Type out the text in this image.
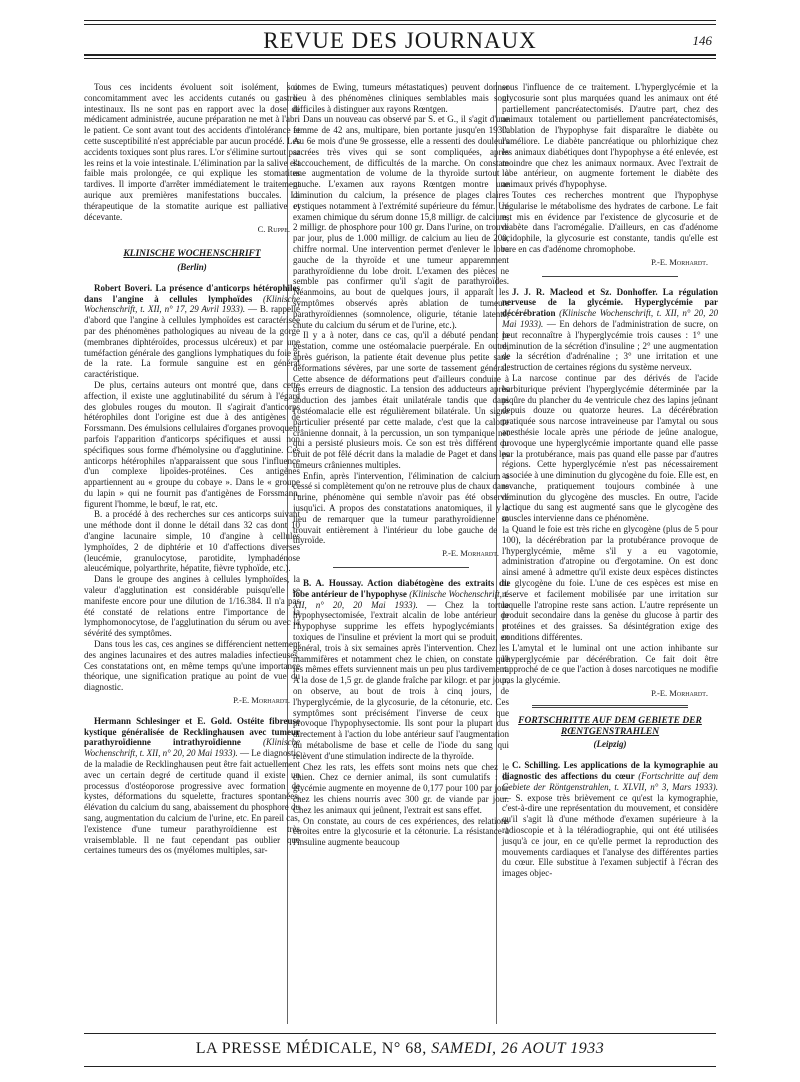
REVUE DES JOURNAUX	146

Tous ces incidents évoluent soit isolément, soit concomitamment avec les accidents cutanés ou gastro-intestinaux. Ils ne sont pas en rapport avec la dose de médicament administrée, aucune préparation ne met à l'abri le patient. Ce sont avant tout des accidents d'intolérance et cette susceptibilité n'est appréciable par aucun procédé. Les accidents toxiques sont plus rares. L'or s'élimine surtout par les reins et la voie intestinale. L'élimination par la salive est faible mais prolongée, ce qui explique les stomatites tardives. Il importe d'arrêter immédiatement le traitement aurique aux premières manifestations buccales. La thérapeutique de la stomatite aurique est palliative et décevante.

C. Ruppe.
KLINISCHE WOCHENSCHRIFT
(Berlin)

Robert Boveri. La présence d'anticorps hétérophiles dans l'angine à cellules lymphoïdes (Klinische Wochenschrift, t. XII, n° 17, 29 Avril 1933). — B. rappelle d'abord que l'angine à cellules lymphoïdes est caractérisée par des phénomènes pathologiques au niveau de la gorge (membranes diphtéroïdes, processus ulcéreux) et par une tuméfaction générale des ganglions lymphatiques du foie et de la rate. La formule sanguine est en général caractéristique.

De plus, certains auteurs ont montré que, dans cette affection, il existe une agglutinabilité du sérum à l'égard des globules rouges du mouton. Il s'agirait d'anticorps hétérophiles dont l'origine est due à des antigènes de Forssmann. Des émulsions cellulaires d'organes provoquent parfois l'apparition d'anticorps spécifiques et aussi non spécifiques sous forme d'hémolysine ou d'agglutinine. Ces anticorps hétérophiles n'apparaissent que sous l'influence d'un complexe lipoïdes-protéines. Ces antigènes appartiennent au « groupe du cobaye ». Dans le « groupe du lapin » qui ne fournit pas d'antigènes de Forssmann, figurent l'homme, le bœuf, le rat, etc.

B. a procédé à des recherches sur ces anticorps suivant une méthode dont il donne le détail dans 32 cas dont 10 d'angine lacunaire simple, 10 d'angine à cellules lymphoïdes, 2 de diphtérie et 10 d'affections diverses (leucémie, granulocytose, parotidite, lymphadénose aleucémique, polyarthrite, hépatite, fièvre typhoïde, etc.).

Dans le groupe des angines à cellules lymphoïdes, la valeur d'agglutination est considérable puisqu'elle se manifeste encore pour une dilution de 1/16.384. Il n'a pas été constaté de relations entre l'importance de la lymphomonocytose, de l'agglutination du sérum ou avec la sévérité des symptômes.

Dans tous les cas, ces angines se différencient nettement des angines lacunaires et des autres maladies infectieuses. Ces constatations ont, en même temps qu'une importance théorique, une signification pratique au point de vue du diagnostic.

P.-E. Morhardt.

Hermann Schlesinger et E. Gold. Ostéite fibreuse kystique généralisée de Recklinghausen avec tumeur parathyroïdienne intrathyroïdienne (Klinische Wochenschrift, t. XII, n° 20, 20 Mai 1933). — Le diagnostic de la maladie de Recklinghausen peut être fait actuellement avec un certain degré de certitude quand il existe un processus d'ostéoporose progressive avec formation de kystes, déformations du squelette, fractures spontanées, élévation du calcium du sang, abaissement du phosphore du sang, augmentation du calcium de l'urine, etc. En pareil cas, l'existence d'une tumeur parathyroïdienne est très vraisemblable. Il ne faut cependant pas oublier que certaines tumeurs des os (myélomes multiples, sar-

comes de Ewing, tumeurs métastatiques) peuvent donner lieu à des phénomènes cliniques semblables mais sont difficiles à distinguer aux rayons Rœntgen.

Dans un nouveau cas observé par S. et G., il s'agit d'une femme de 42 ans, multipare, bien portante jusqu'en 1930. Au 6e mois d'une 9e grossesse, elle a ressenti des douleurs sacrées très vives qui se sont compliquées, après l'accouchement, de difficultés de la marche. On constate une augmentation de volume de la thyroïde surtout à gauche. L'examen aux rayons Rœntgen montre une diminution du calcium, la présence de plages claires cystiques notamment à l'extrémité supérieure du fémur. Un examen chimique du sérum donne 15,8 milligr. de calcium, 2 milligr. de phosphore pour 100 gr. Dans l'urine, on trouve par jour, plus de 1.000 milligr. de calcium au lieu de 200, chiffre normal. Une intervention permet d'enlever le lobe gauche de la thyroïde et une tumeur apparemment parathyroïdienne du lobe droit. L'examen des pièces ne semble pas confirmer qu'il s'agit de parathyroïdes. Néanmoins, au bout de quelques jours, il apparaît les symptômes observés après ablation de tumeurs parathyroïdiennes (somnolence, oligurie, tétanie latente, chute du calcium du sérum et de l'urine, etc.).

Il y a à noter, dans ce cas, qu'il a débuté pendant la gestation, comme une ostéomalacie puerpérale. En outre, après guérison, la patiente était devenue plus petite sans déformations sévères, par une sorte de tassement général. Cette absence de déformations peut d'ailleurs conduire à des erreurs de diagnostic. La tension des adducteurs après abduction des jambes était unilatérale tandis que dans l'ostéomalacie elle est régulièrement bilatérale. Un signe particulier présenté par cette malade, c'est que la calotte crânienne donnait, à la percussion, un son tympanique net qui a persisté plusieurs mois. Ce son est très différent du bruit de pot fêlé décrit dans la maladie de Paget et dans les tumeurs crâniennes multiples.

Enfin, après l'intervention, l'élimination de calcium a cessé si complètement qu'on ne retrouve plus de chaux dans l'urine, phénomène qui semble n'avoir pas été observé jusqu'ici. A propos des constatations anatomiques, il y a lieu de remarquer que la tumeur parathyroïdienne se trouvait entièrement à l'intérieur du lobe gauche de la thyroïde.

P.-E. Morhardt.

B. A. Houssay. Action diabétogène des extraits du lobe antérieur de l'hypophyse (Klinische Wochenschrift, t. XII, n° 20, 20 Mai 1933). — Chez la tortue hypophysectomisée, l'extrait alcalin de lobe antérieur de l'hypophyse supprime les effets hypoglycémiants et toxiques de l'insuline et prévient la mort qui se produit, en général, trois à six semaines après l'intervention. Chez les mammifères et notamment chez le chien, on constate que les mêmes effets surviennent mais un peu plus tardivement. A la dose de 1,5 gr. de glande fraîche par kilogr. et par jour, on observe, au bout de trois à cinq jours, de l'hyperglycémie, de la glycosurie, de la cétonurie, etc. Ces symptômes sont précisément l'inverse de ceux que provoque l'hypophysectomie. Ils sont pour la plupart dus directement à l'action du lobe antérieur sauf l'augmentation du métabolisme de base et celle de l'iode du sang qui relèvent d'une stimulation indirecte de la thyroïde.

Chez les rats, les effets sont moins nets que chez le chien. Chez ce dernier animal, ils sont cumulatifs : la glycémie augmente en moyenne de 0,177 pour 100 par jour chez les chiens nourris avec 300 gr. de viande par jour. Chez les animaux qui jeûnent, l'extrait est sans effet.

On constate, au cours de ces expériences, des relations étroites entre la glycosurie et la cétonurie. La résistance à l'insuline augmente beaucoup

sous l'influence de ce traitement. L'hyperglycémie et la glycosurie sont plus marquées quand les animaux ont été partiellement pancréatectomisés. D'autre part, chez des animaux totalement ou partiellement pancréatectomisés, l'ablation de l'hypophyse fait disparaître le diabète ou l'améliore. Le diabète pancréatique ou phlorhizique chez les animaux diabétiques dont l'hypophyse a été enlevée, est moindre que chez les animaux normaux. Avec l'extrait de lobe antérieur, on augmente fortement le diabète des animaux privés d'hypophyse.

Toutes ces recherches montrent que l'hypophyse régularise le métabolisme des hydrates de carbone. Le fait est mis en évidence par l'existence de glycosurie et de diabète dans l'acromégalie. D'ailleurs, en cas d'adénome acidophile, la glycosurie est constante, tandis qu'elle est rare en cas d'adénome chromophobe.

P.-E. Morhardt.

J. J. R. Macleod et Sz. Donhoffer. La régulation nerveuse de la glycémie. Hyperglycémie par décérébration (Klinische Wochenschrift, t. XII, n° 20, 20 Mai 1933). — En dehors de l'administration de sucre, on peut reconnaître à l'hyperglycémie trois causes : 1° une diminution de la sécrétion d'insuline ; 2° une augmentation de la sécrétion d'adrénaline ; 3° une irritation et une destruction de certaines régions du système nerveux.

La narcose continue par des dérivés de l'acide barbiturique prévient l'hyperglycémie déterminée par la piqûre du plancher du 4e ventricule chez des lapins jeûnant depuis douze ou quatorze heures. La décérébration pratiquée sous narcose intraveineuse par l'amytal ou sous anesthésie locale après une période de jeûne analogue, provoque une hyperglycémie importante quand elle passe par la protubérance, mais pas quand elle passe par d'autres régions. Cette hyperglycémie n'est pas nécessairement associée à une diminution du glycogène du foie. Elle est, en revanche, pratiquement toujours combinée à une diminution du glycogène des muscles. En outre, l'acide lactique du sang est augmenté sans que le glycogène des muscles intervienne dans ce phénomène.

Quand le foie est très riche en glycogène (plus de 5 pour 100), la décérébration par la protubérance provoque de l'hyperglycémie, même s'il y a eu vagotomie, administration d'atropine ou d'ergotamine. On est donc ainsi amené à admettre qu'il existe deux espèces distinctes de glycogène du foie. L'une de ces espèces est mise en réserve et facilement mobilisée par une irritation sur laquelle l'atropine reste sans action. L'autre représente un produit secondaire dans la genèse du glucose à partir des protéines et des graisses. Sa désintégration exige des conditions différentes.

L'amytal et le luminal ont une action inhibante sur l'hyperglycémie par décérébration. Ce fait doit être rapproché de ce que l'action à doses narcotiques ne modifie pas la glycémie.

P.-E. Morhardt.
FORTSCHRITTE AUF DEM GEBIETE DER RŒNTGENSTRAHLEN
(Leipzig)

C. Schilling. Les applications de la kymographie au diagnostic des affections du cœur (Fortschritte auf dem Gebiete der Röntgenstrahlen, t. XLVII, n° 3, Mars 1933). — S. expose très brièvement ce qu'est la kymographie, c'est-à-dire une représentation du mouvement, et considère qu'il s'agit là d'une méthode d'examen supérieure à la radioscopie et à la téléradiographie, qui ont été utilisées jusqu'à ce jour, en ce qu'elle permet la reproduction des mouvements cardiaques et l'analyse des différentes parties du cœur. Elle substitue à l'examen subjectif à l'écran des images objec-

LA PRESSE MÉDICALE, N° 68, SAMEDI, 26 AOUT 1933
